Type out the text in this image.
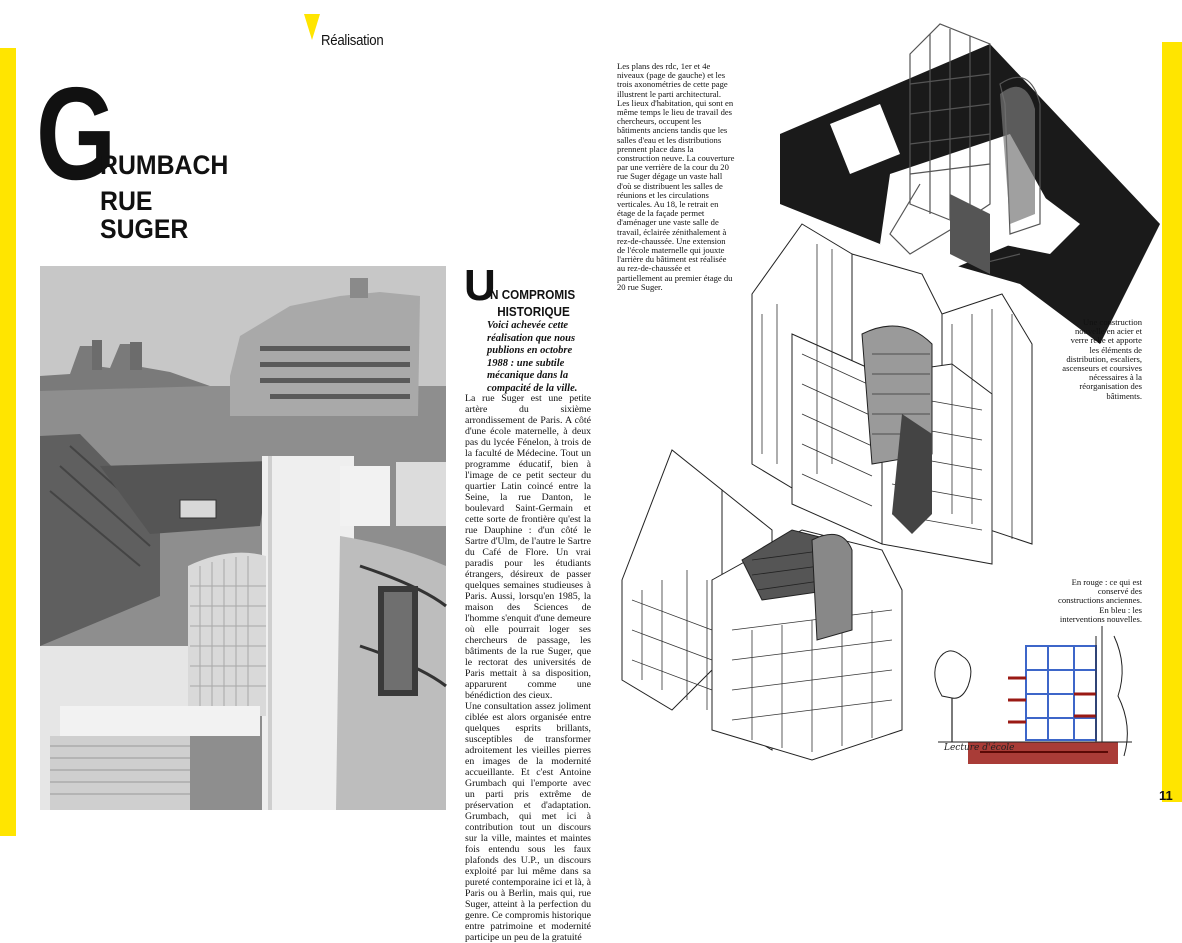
Réalisation
G
RUMBACH
RUE
SUGER
U
N COMPROMIS
HISTORIQUE
Voici achevée cette réalisation que nous publions en octobre 1988 : une subtile mécanique dans la compacité de la ville.

La rue Suger est une petite artère du sixième arrondissement de Paris. A côté d'une école maternelle, à deux pas du lycée Fénelon, à trois de la faculté de Médecine. Tout un programme éducatif, bien à l'image de ce petit secteur du quartier Latin coincé entre la Seine, la rue Danton, le boulevard Saint-Germain et cette sorte de frontière qu'est la rue Dauphine : d'un côté le Sartre d'Ulm, de l'autre le Sartre du Café de Flore. Un vrai paradis pour les étudiants étrangers, désireux de passer quelques semaines studieuses à Paris. Aussi, lorsqu'en 1985, la maison des Sciences de l'homme s'enquit d'une demeure où elle pourrait loger ses chercheurs de passage, les bâtiments de la rue Suger, que le rectorat des universités de Paris mettait à sa disposition, apparurent comme une bénédiction des cieux.

Une consultation assez joliment ciblée est alors organisée entre quelques esprits brillants, susceptibles de transformer adroitement les vieilles pierres en images de la modernité accueillante. Et c'est Antoine Grumbach qui l'emporte avec un parti pris extrême de préservation et d'adaptation. Grumbach, qui met ici à contribution tout un discours sur la ville, maintes et maintes fois entendu sous les faux plafonds des U.P., un discours exploité par lui même dans sa pureté contemporaine ici et là, à Paris ou à Berlin, mais qui, rue Suger, atteint à la perfection du genre. Ce compromis historique entre patrimoine et modernité participe un peu de la gratuité

Les plans des rdc, 1er et 4e niveaux (page de gauche) et les trois axonométries de cette page illustrent le parti architectural. Les lieux d'habitation, qui sont en même temps le lieu de travail des chercheurs, occupent les bâtiments anciens tandis que les salles d'eau et les distributions prennent place dans la construction neuve. La couverture par une verrière de la cour du 20 rue Suger dégage un vaste hall d'où se distribuent les salles de réunions et les circulations verticales. Au 18, le retrait en étage de la façade permet d'aménager une vaste salle de travail, éclairée zénithalement à rez-de-chaussée. Une extension de l'école maternelle qui jouxte l'arrière du bâtiment est réalisée au rez-de-chaussée et partiellement au premier étage du 20 rue Suger.
Une construction nouvelle en acier et verre relie et apporte les éléments de distribution, escaliers, ascenseurs et coursives nécessaires à la réorganisation des bâtiments.
En rouge : ce qui est conservé des constructions anciennes. En bleu : les interventions nouvelles.
Lecture d'école
11
